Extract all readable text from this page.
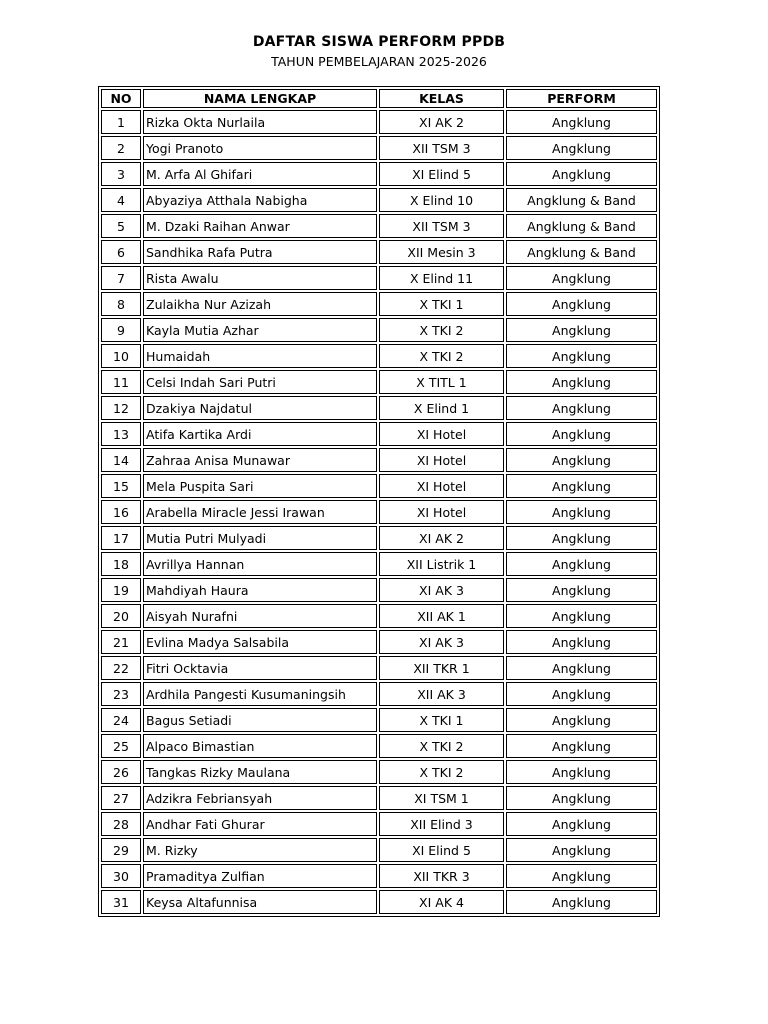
DAFTAR SISWA PERFORM PPDB
TAHUN PEMBELAJARAN 2025-2026
NO	NAMA LENGKAP	KELAS	PERFORM
1	Rizka Okta Nurlaila	XI AK 2	Angklung
2	Yogi Pranoto	XII TSM 3	Angklung
3	M. Arfa Al Ghifari	XI Elind 5	Angklung
4	Abyaziya Atthala Nabigha	X Elind 10	Angklung & Band
5	M. Dzaki Raihan Anwar	XII TSM 3	Angklung & Band
6	Sandhika Rafa Putra	XII Mesin 3	Angklung & Band
7	Rista Awalu	X Elind 11	Angklung
8	Zulaikha Nur Azizah	X TKI 1	Angklung
9	Kayla Mutia Azhar	X TKI 2	Angklung
10	Humaidah	X TKI 2	Angklung
11	Celsi Indah Sari Putri	X TITL 1	Angklung
12	Dzakiya Najdatul	X Elind 1	Angklung
13	Atifa Kartika Ardi	XI Hotel	Angklung
14	Zahraa Anisa Munawar	XI Hotel	Angklung
15	Mela Puspita Sari	XI Hotel	Angklung
16	Arabella Miracle Jessi Irawan	XI Hotel	Angklung
17	Mutia Putri Mulyadi	XI AK 2	Angklung
18	Avrillya Hannan	XII Listrik 1	Angklung
19	Mahdiyah Haura	XI AK 3	Angklung
20	Aisyah Nurafni	XII AK 1	Angklung
21	Evlina Madya Salsabila	XI AK 3	Angklung
22	Fitri Ocktavia	XII TKR 1	Angklung
23	Ardhila Pangesti Kusumaningsih	XII AK 3	Angklung
24	Bagus Setiadi	X TKI 1	Angklung
25	Alpaco Bimastian	X TKI 2	Angklung
26	Tangkas Rizky Maulana	X TKI 2	Angklung
27	Adzikra Febriansyah	XI TSM 1	Angklung
28	Andhar Fati Ghurar	XII Elind 3	Angklung
29	M. Rizky	XI Elind 5	Angklung
30	Pramaditya Zulfian	XII TKR 3	Angklung
31	Keysa Altafunnisa	XI AK 4	Angklung
